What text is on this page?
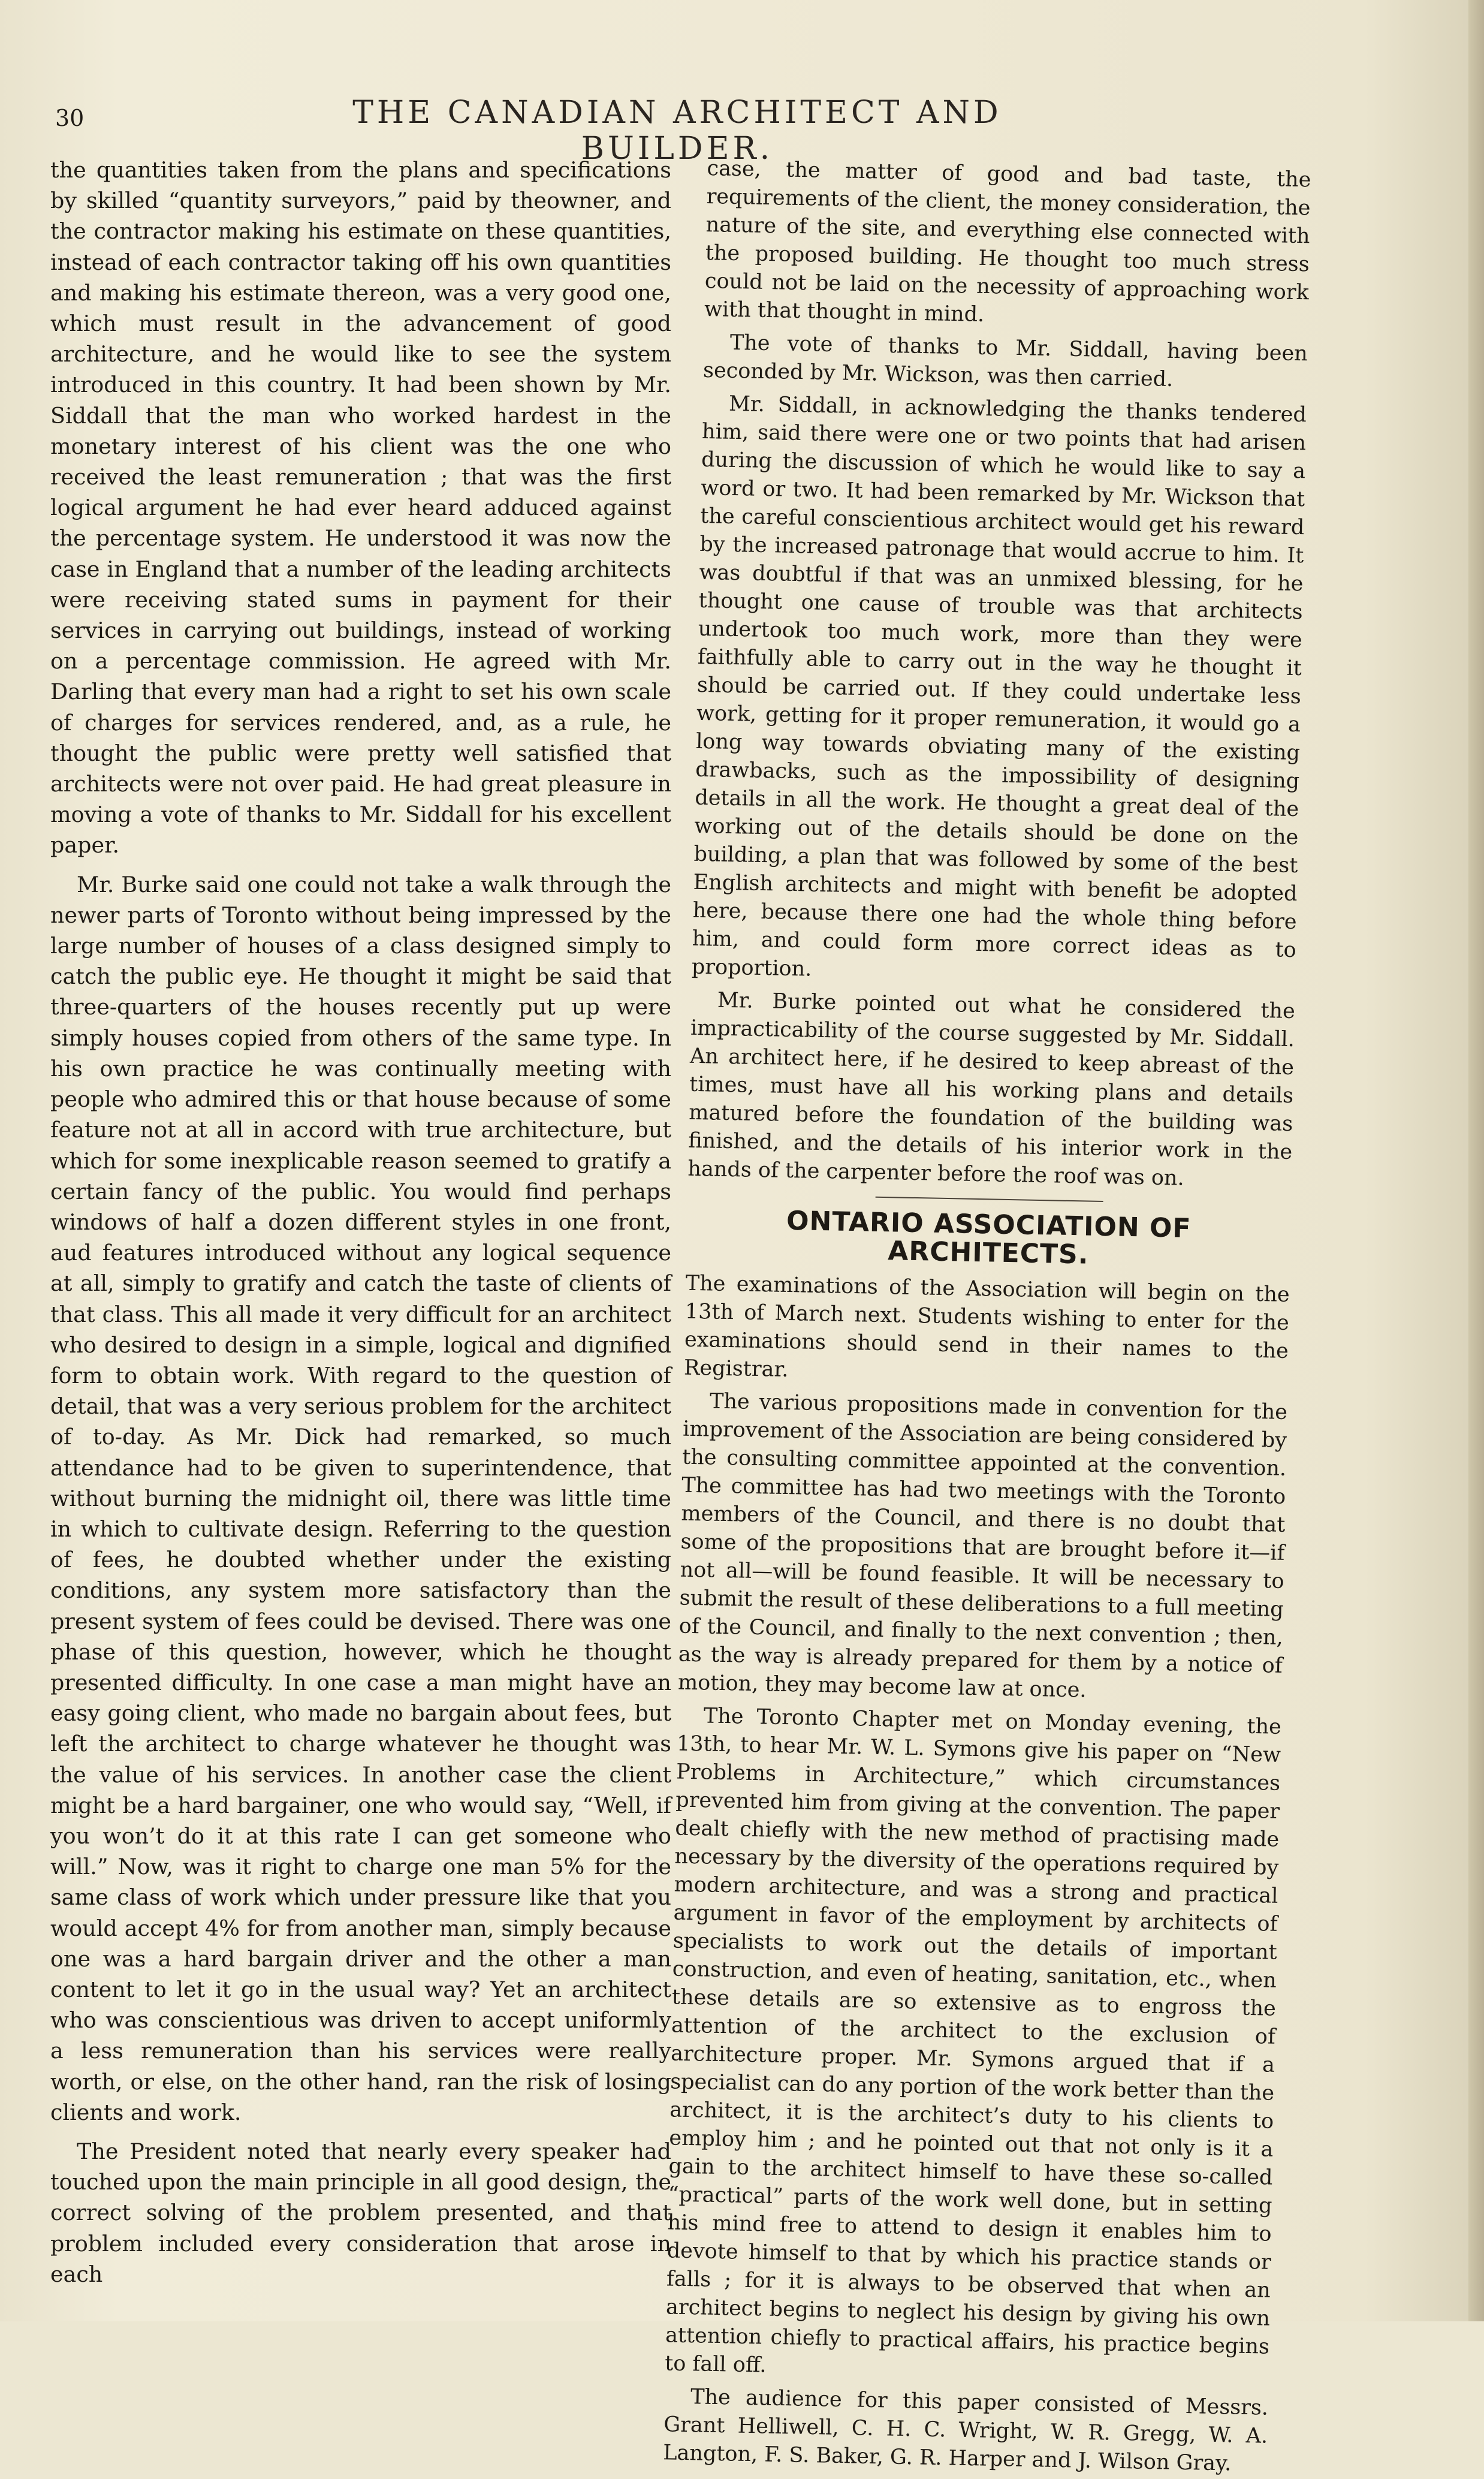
30	THE CANADIAN ARCHITECT AND BUILDER.

the quantities taken from the plans and specifications by skilled “quantity surveyors,” paid by theowner, and the contractor making his estimate on these quantities, instead of each contractor taking off his own quantities and making his estimate thereon, was a very good one, which must result in the advancement of good architecture, and he would like to see the system introduced in this country. It had been shown by Mr. Siddall that the man who worked hardest in the monetary interest of his client was the one who received the least remuneration ; that was the first logical argument he had ever heard adduced against the percentage system. He understood it was now the case in England that a number of the leading architects were receiving stated sums in payment for their services in carrying out buildings, instead of working on a percentage commission. He agreed with Mr. Darling that every man had a right to set his own scale of charges for services rendered, and, as a rule, he thought the public were pretty well satisfied that architects were not over paid. He had great pleasure in moving a vote of thanks to Mr. Siddall for his excellent paper.

Mr. Burke said one could not take a walk through the newer parts of Toronto without being impressed by the large number of houses of a class designed simply to catch the public eye. He thought it might be said that three-quarters of the houses recently put up were simply houses copied from others of the same type. In his own practice he was continually meeting with people who admired this or that house because of some feature not at all in accord with true architecture, but which for some inexplicable reason seemed to gratify a certain fancy of the public. You would find perhaps windows of half a dozen different styles in one front, aud features introduced without any logical sequence at all, simply to gratify and catch the taste of clients of that class. This all made it very difficult for an architect who desired to design in a simple, logical and dignified form to obtain work. With regard to the question of detail, that was a very serious problem for the architect of to-day. As Mr. Dick had remarked, so much attendance had to be given to superintendence, that without burning the midnight oil, there was little time in which to cultivate design. Referring to the question of fees, he doubted whether under the existing conditions, any system more satisfactory than the present system of fees could be devised. There was one phase of this question, however, which he thought presented difficulty. In one case a man might have an easy going client, who made no bargain about fees, but left the architect to charge whatever he thought was the value of his services. In another case the client might be a hard bargainer, one who would say, “Well, if you won’t do it at this rate I can get someone who will.” Now, was it right to charge one man 5% for the same class of work which under pressure like that you would accept 4% for from another man, simply because one was a hard bargain driver and the other a man content to let it go in the usual way? Yet an architect who was conscientious was driven to accept uniformly a less remuneration than his services were really worth, or else, on the other hand, ran the risk of losing clients and work.

The President noted that nearly every speaker had touched upon the main principle in all good design, the correct solving of the problem presented, and that problem included every consideration that arose in each

case, the matter of good and bad taste, the requirements of the client, the money consideration, the nature of the site, and everything else connected with the proposed building. He thought too much stress could not be laid on the necessity of approaching work with that thought in mind.

The vote of thanks to Mr. Siddall, having been seconded by Mr. Wickson, was then carried.

Mr. Siddall, in acknowledging the thanks tendered him, said there were one or two points that had arisen during the discussion of which he would like to say a word or two. It had been remarked by Mr. Wickson that the careful conscientious architect would get his reward by the increased patronage that would accrue to him. It was doubtful if that was an unmixed blessing, for he thought one cause of trouble was that architects undertook too much work, more than they were faithfully able to carry out in the way he thought it should be carried out. If they could undertake less work, getting for it proper remuneration, it would go a long way towards obviating many of the existing drawbacks, such as the impossibility of designing details in all the work. He thought a great deal of the working out of the details should be done on the building, a plan that was followed by some of the best English architects and might with benefit be adopted here, because there one had the whole thing before him, and could form more correct ideas as to proportion.

Mr. Burke pointed out what he considered the impracticability of the course suggested by Mr. Siddall. An architect here, if he desired to keep abreast of the times, must have all his working plans and details matured before the foundation of the building was finished, and the details of his interior work in the hands of the carpenter before the roof was on.

ONTARIO ASSOCIATION OF ARCHITECTS.

The examinations of the Association will begin on the 13th of March next. Students wishing to enter for the examinations should send in their names to the Registrar.

The various propositions made in convention for the improvement of the Association are being considered by the consulting committee appointed at the convention. The committee has had two meetings with the Toronto members of the Council, and there is no doubt that some of the propositions that are brought before it—if not all—will be found feasible. It will be necessary to submit the result of these deliberations to a full meeting of the Council, and finally to the next convention ; then, as the way is already prepared for them by a notice of motion, they may become law at once.

The Toronto Chapter met on Monday evening, the 13th, to hear Mr. W. L. Symons give his paper on “New Problems in Architecture,” which circumstances prevented him from giving at the convention. The paper dealt chiefly with the new method of practising made necessary by the diversity of the operations required by modern architecture, and was a strong and practical argument in favor of the employment by architects of specialists to work out the details of important construction, and even of heating, sanitation, etc., when these details are so extensive as to engross the attention of the architect to the exclusion of architecture proper. Mr. Symons argued that if a specialist can do any portion of the work better than the architect, it is the architect’s duty to his clients to employ him ; and he pointed out that not only is it a gain to the architect himself to have these so-called “practical” parts of the work well done, but in setting his mind free to attend to design it enables him to devote himself to that by which his practice stands or falls ; for it is always to be observed that when an architect begins to neglect his design by giving his own attention chiefly to practical affairs, his practice begins to fall off.

The audience for this paper consisted of Messrs. Grant Helliwell, C. H. C. Wright, W. R. Gregg, W. A. Langton, F. S. Baker, G. R. Harper and J. Wilson Gray.
